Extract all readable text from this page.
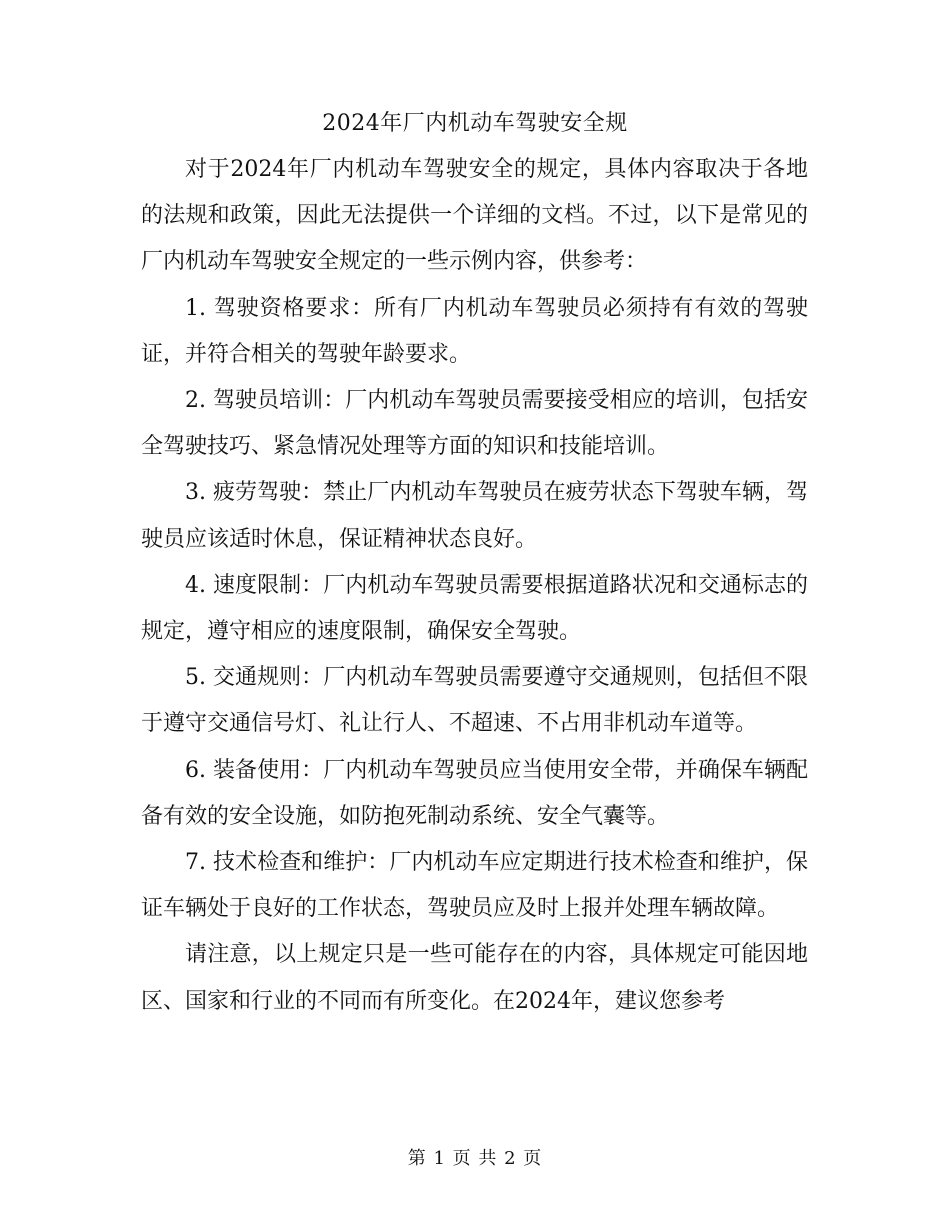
2024年厂内机动车驾驶安全规

对于2024年厂内机动车驾驶安全的规定，具体内容取决于各地的法规和政策，因此无法提供一个详细的文档。不过，以下是常见的厂内机动车驾驶安全规定的一些示例内容，供参考：

1. 驾驶资格要求：所有厂内机动车驾驶员必须持有有效的驾驶证，并符合相关的驾驶年龄要求。

2. 驾驶员培训：厂内机动车驾驶员需要接受相应的培训，包括安全驾驶技巧、紧急情况处理等方面的知识和技能培训。

3. 疲劳驾驶：禁止厂内机动车驾驶员在疲劳状态下驾驶车辆，驾驶员应该适时休息，保证精神状态良好。

4. 速度限制：厂内机动车驾驶员需要根据道路状况和交通标志的规定，遵守相应的速度限制，确保安全驾驶。

5. 交通规则：厂内机动车驾驶员需要遵守交通规则，包括但不限于遵守交通信号灯、礼让行人、不超速、不占用非机动车道等。

6. 装备使用：厂内机动车驾驶员应当使用安全带，并确保车辆配备有效的安全设施，如防抱死制动系统、安全气囊等。

7. 技术检查和维护：厂内机动车应定期进行技术检查和维护，保证车辆处于良好的工作状态，驾驶员应及时上报并处理车辆故障。

请注意，以上规定只是一些可能存在的内容，具体规定可能因地区、国家和行业的不同而有所变化。在2024年，建议您参考

第 1 页 共 2 页
